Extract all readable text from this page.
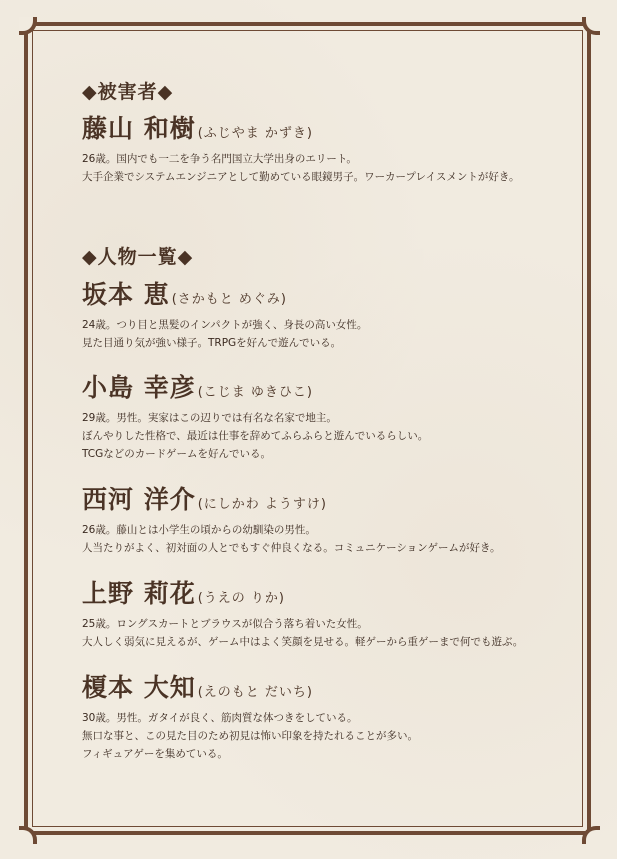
◆被害者◆
藤山 和樹 (ふじやま かずき)
26歳。国内でも一二を争う名門国立大学出身のエリート。
大手企業でシステムエンジニアとして勤めている眼鏡男子。ワーカープレイスメントが好き。
◆人物一覧◆
坂本 恵 (さかもと めぐみ)
24歳。つり目と黒髪のインパクトが強く、身長の高い女性。
見た目通り気が強い様子。TRPGを好んで遊んでいる。
小島 幸彦 (こじま ゆきひこ)
29歳。男性。実家はこの辺りでは有名な名家で地主。
ぼんやりした性格で、最近は仕事を辞めてふらふらと遊んでいるらしい。
TCGなどのカードゲームを好んでいる。
西河 洋介 (にしかわ ようすけ)
26歳。藤山とは小学生の頃からの幼馴染の男性。
人当たりがよく、初対面の人とでもすぐ仲良くなる。コミュニケーションゲームが好き。
上野 莉花 (うえの りか)
25歳。ロングスカートとブラウスが似合う落ち着いた女性。
大人しく弱気に見えるが、ゲーム中はよく笑顔を見せる。軽ゲーから重ゲーまで何でも遊ぶ。
榎本 大知 (えのもと だいち)
30歳。男性。ガタイが良く、筋肉質な体つきをしている。
無口な事と、この見た目のため初見は怖い印象を持たれることが多い。
フィギュアゲーを集めている。
